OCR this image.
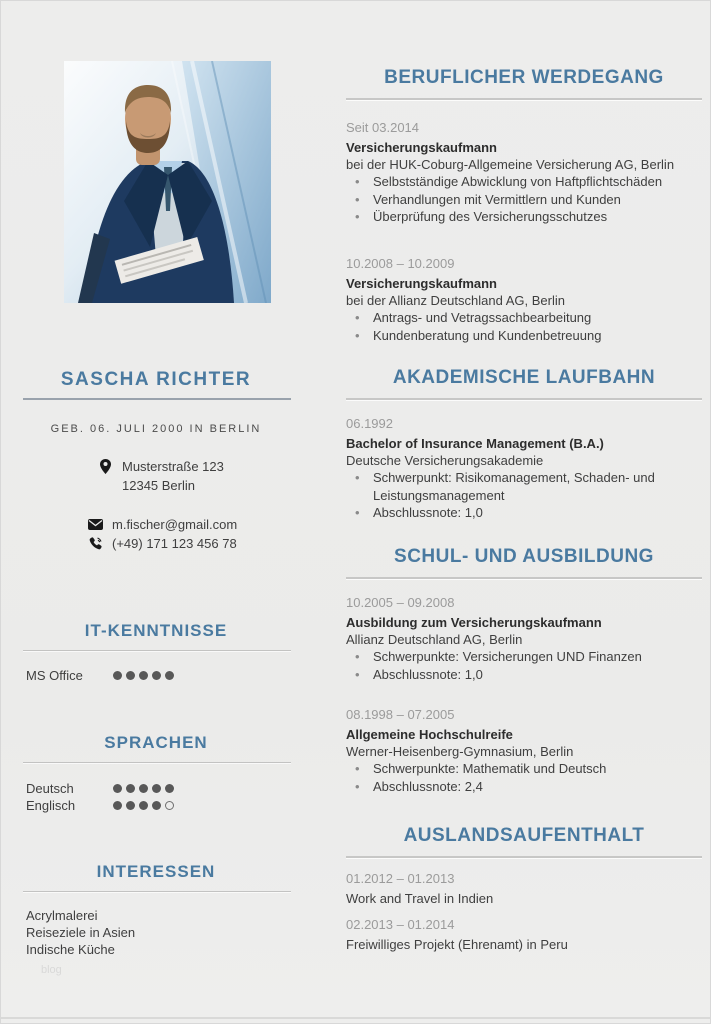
SASCHA RICHTER
GEB. 06. JULI 2000 IN BERLIN
Musterstraße 123
12345 Berlin
m.fischer@gmail.com
(+49) 171 123 456 78
IT-KENNTNISSE
MS Office
SPRACHEN
Deutsch
Englisch
INTERESSEN
Acrylmalerei
Reiseziele in Asien
Indische Küche
blog
BERUFLICHER WERDEGANG
Seit 03.2014
Versicherungskaufmann
bei der HUK-Coburg-Allgemeine Versicherung AG, Berlin
• Selbstständige Abwicklung von Haftpflichtschäden
• Verhandlungen mit Vermittlern und Kunden
• Überprüfung des Versicherungsschutzes
10.2008 – 10.2009
Versicherungskaufmann
bei der Allianz Deutschland AG, Berlin
• Antrags- und Vetragssachbearbeitung
• Kundenberatung und Kundenbetreuung
AKADEMISCHE LAUFBAHN
06.1992
Bachelor of Insurance Management (B.A.)
Deutsche Versicherungsakademie
• Schwerpunkt: Risikomanagement, Schaden- und Leistungsmanagement
• Abschlussnote: 1,0
SCHUL- UND AUSBILDUNG
10.2005 – 09.2008
Ausbildung zum Versicherungskaufmann
Allianz Deutschland AG, Berlin
• Schwerpunkte: Versicherungen UND Finanzen
• Abschlussnote: 1,0
08.1998 – 07.2005
Allgemeine Hochschulreife
Werner-Heisenberg-Gymnasium, Berlin
• Schwerpunkte: Mathematik und Deutsch
• Abschlussnote: 2,4
AUSLANDSAUFENTHALT
01.2012 – 01.2013
Work and Travel in Indien
02.2013 – 01.2014
Freiwilliges Projekt (Ehrenamt) in Peru
